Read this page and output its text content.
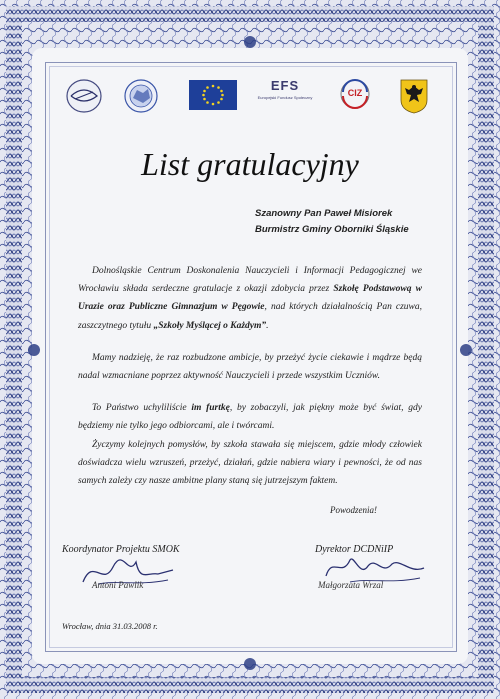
EFS
Europejski Fundusz Społeczny	CIZ
List gratulacyjny
Szanowny Pan Paweł Misiorek
Burmistrz Gminy Oborniki Śląskie

Dolnośląskie Centrum Doskonalenia Nauczycieli i Informacji Pedagogicznej we Wrocławiu składa serdeczne gratulacje z okazji zdobycia przez Szkołę Podstawową w Urazie oraz Publiczne Gimnazjum w Pęgowie, nad których działalnością Pan czuwa, zaszczytnego tytułu „Szkoły Myślącej o Każdym”.

Mamy nadzieję, że raz rozbudzone ambicje, by przeżyć życie ciekawie i mądrze będą nadal wzmacniane poprzez aktywność Nauczycieli i przede wszystkim Uczniów.

To Państwo uchyliliście im furtkę, by zobaczyli, jak piękny może być świat, gdy będziemy nie tylko jego odbiorcami, ale i twórcami.

Życzymy kolejnych pomysłów, by szkoła stawała się miejscem, gdzie młody człowiek doświadcza wielu wzruszeń, przeżyć, działań, gdzie nabiera wiary i pewności, że od nas samych zależy czy nasze ambitne plany staną się jutrzejszym faktem.

Powodzenia!
Koordynator Projektu SMOK
Antoni Pawlik
Dyrektor DCDNiIP
Małgorzata Wrzal
Wrocław, dnia 31.03.2008 r.
